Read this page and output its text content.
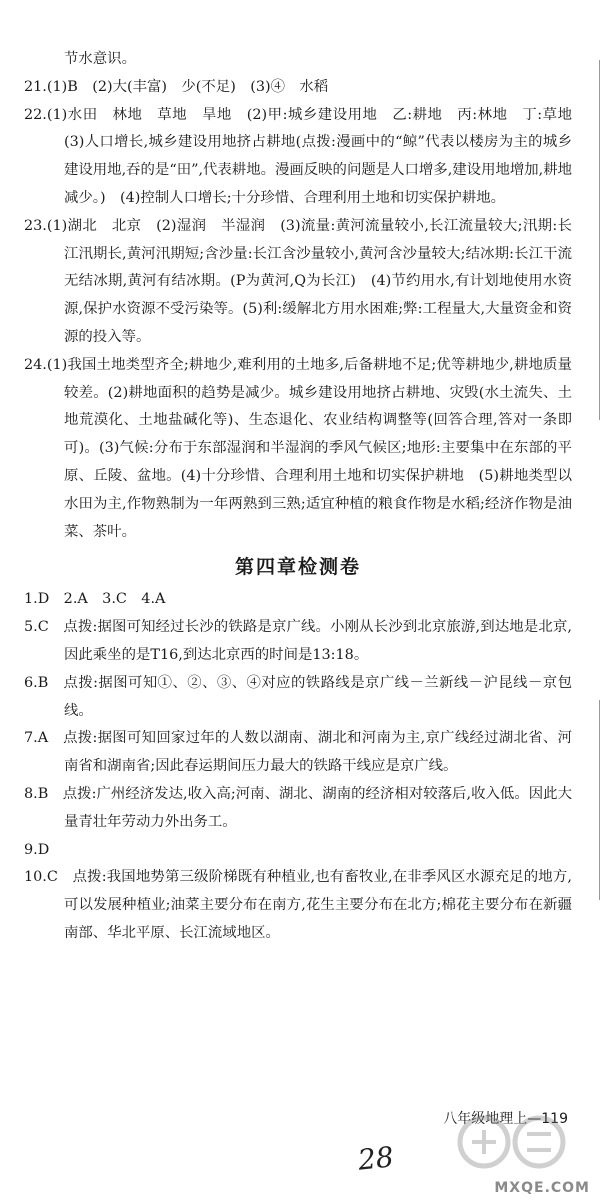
节水意识。

21.(1)B　(2)大(丰富)　少(不足)　(3)④　水稻

22.(1)水田　林地　草地　旱地　(2)甲:城乡建设用地　乙:耕地　丙:林地　丁:草地　(3)人口增长,城乡建设用地挤占耕地(点拨:漫画中的“鲸”代表以楼房为主的城乡建设用地,吞的是“田”,代表耕地。漫画反映的问题是人口增多,建设用地增加,耕地减少。)　(4)控制人口增长;十分珍惜、合理利用土地和切实保护耕地。

23.(1)湖北　北京　(2)湿润　半湿润　(3)流量:黄河流量较小,长江流量较大;汛期:长江汛期长,黄河汛期短;含沙量:长江含沙量较小,黄河含沙量较大;结冰期:长江干流无结冰期,黄河有结冰期。(P为黄河,Q为长江)　(4)节约用水,有计划地使用水资源,保护水资源不受污染等。(5)利:缓解北方用水困难;弊:工程量大,大量资金和资源的投入等。

24.(1)我国土地类型齐全;耕地少,难利用的土地多,后备耕地不足;优等耕地少,耕地质量较差。(2)耕地面积的趋势是减少。城乡建设用地挤占耕地、灾毁(水土流失、土地荒漠化、土地盐碱化等)、生态退化、农业结构调整等(回答合理,答对一条即可)。(3)气候:分布于东部湿润和半湿润的季风气候区;地形:主要集中在东部的平原、丘陵、盆地。(4)十分珍惜、合理利用土地和切实保护耕地　(5)耕地类型以水田为主,作物熟制为一年两熟到三熟;适宜种植的粮食作物是水稻;经济作物是油菜、茶叶。

第四章检测卷

1.D　2.A　3.C　4.A

5.C　点拨:据图可知经过长沙的铁路是京广线。小刚从长沙到北京旅游,到达地是北京,因此乘坐的是T16,到达北京西的时间是13:18。

6.B　点拨:据图可知①、②、③、④对应的铁路线是京广线－兰新线－沪昆线－京包线。

7.A　点拨:据图可知回家过年的人数以湖南、湖北和河南为主,京广线经过湖北省、河南省和湖南省;因此春运期间压力最大的铁路干线应是京广线。

8.B　点拨:广州经济发达,收入高;河南、湖北、湖南的经济相对较落后,收入低。因此大量青壮年劳动力外出务工。

9.D

10.C　点拨:我国地势第三级阶梯既有种植业,也有畜牧业,在非季风区水源充足的地方,可以发展种植业;油菜主要分布在南方,花生主要分布在北方;棉花主要分布在新疆南部、华北平原、长江流域地区。

八年级地理上—119
28
MXQE.COM
